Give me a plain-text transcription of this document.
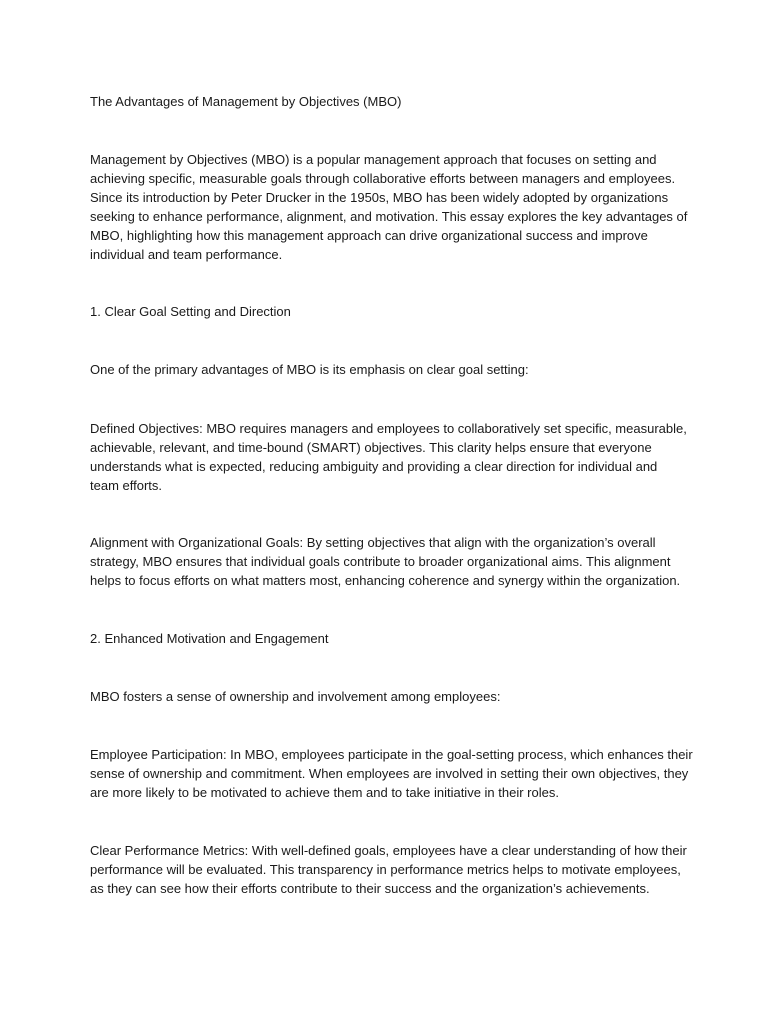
The Advantages of Management by Objectives (MBO)

Management by Objectives (MBO) is a popular management approach that focuses on setting and
achieving specific, measurable goals through collaborative efforts between managers and employees.
Since its introduction by Peter Drucker in the 1950s, MBO has been widely adopted by organizations
seeking to enhance performance, alignment, and motivation. This essay explores the key advantages of
MBO, highlighting how this management approach can drive organizational success and improve
individual and team performance.

1. Clear Goal Setting and Direction

One of the primary advantages of MBO is its emphasis on clear goal setting:

Defined Objectives: MBO requires managers and employees to collaboratively set specific, measurable,
achievable, relevant, and time-bound (SMART) objectives. This clarity helps ensure that everyone
understands what is expected, reducing ambiguity and providing a clear direction for individual and
team efforts.

Alignment with Organizational Goals: By setting objectives that align with the organization’s overall
strategy, MBO ensures that individual goals contribute to broader organizational aims. This alignment
helps to focus efforts on what matters most, enhancing coherence and synergy within the organization.

2. Enhanced Motivation and Engagement

MBO fosters a sense of ownership and involvement among employees:

Employee Participation: In MBO, employees participate in the goal-setting process, which enhances their
sense of ownership and commitment. When employees are involved in setting their own objectives, they
are more likely to be motivated to achieve them and to take initiative in their roles.

Clear Performance Metrics: With well-defined goals, employees have a clear understanding of how their
performance will be evaluated. This transparency in performance metrics helps to motivate employees,
as they can see how their efforts contribute to their success and the organization’s achievements.
